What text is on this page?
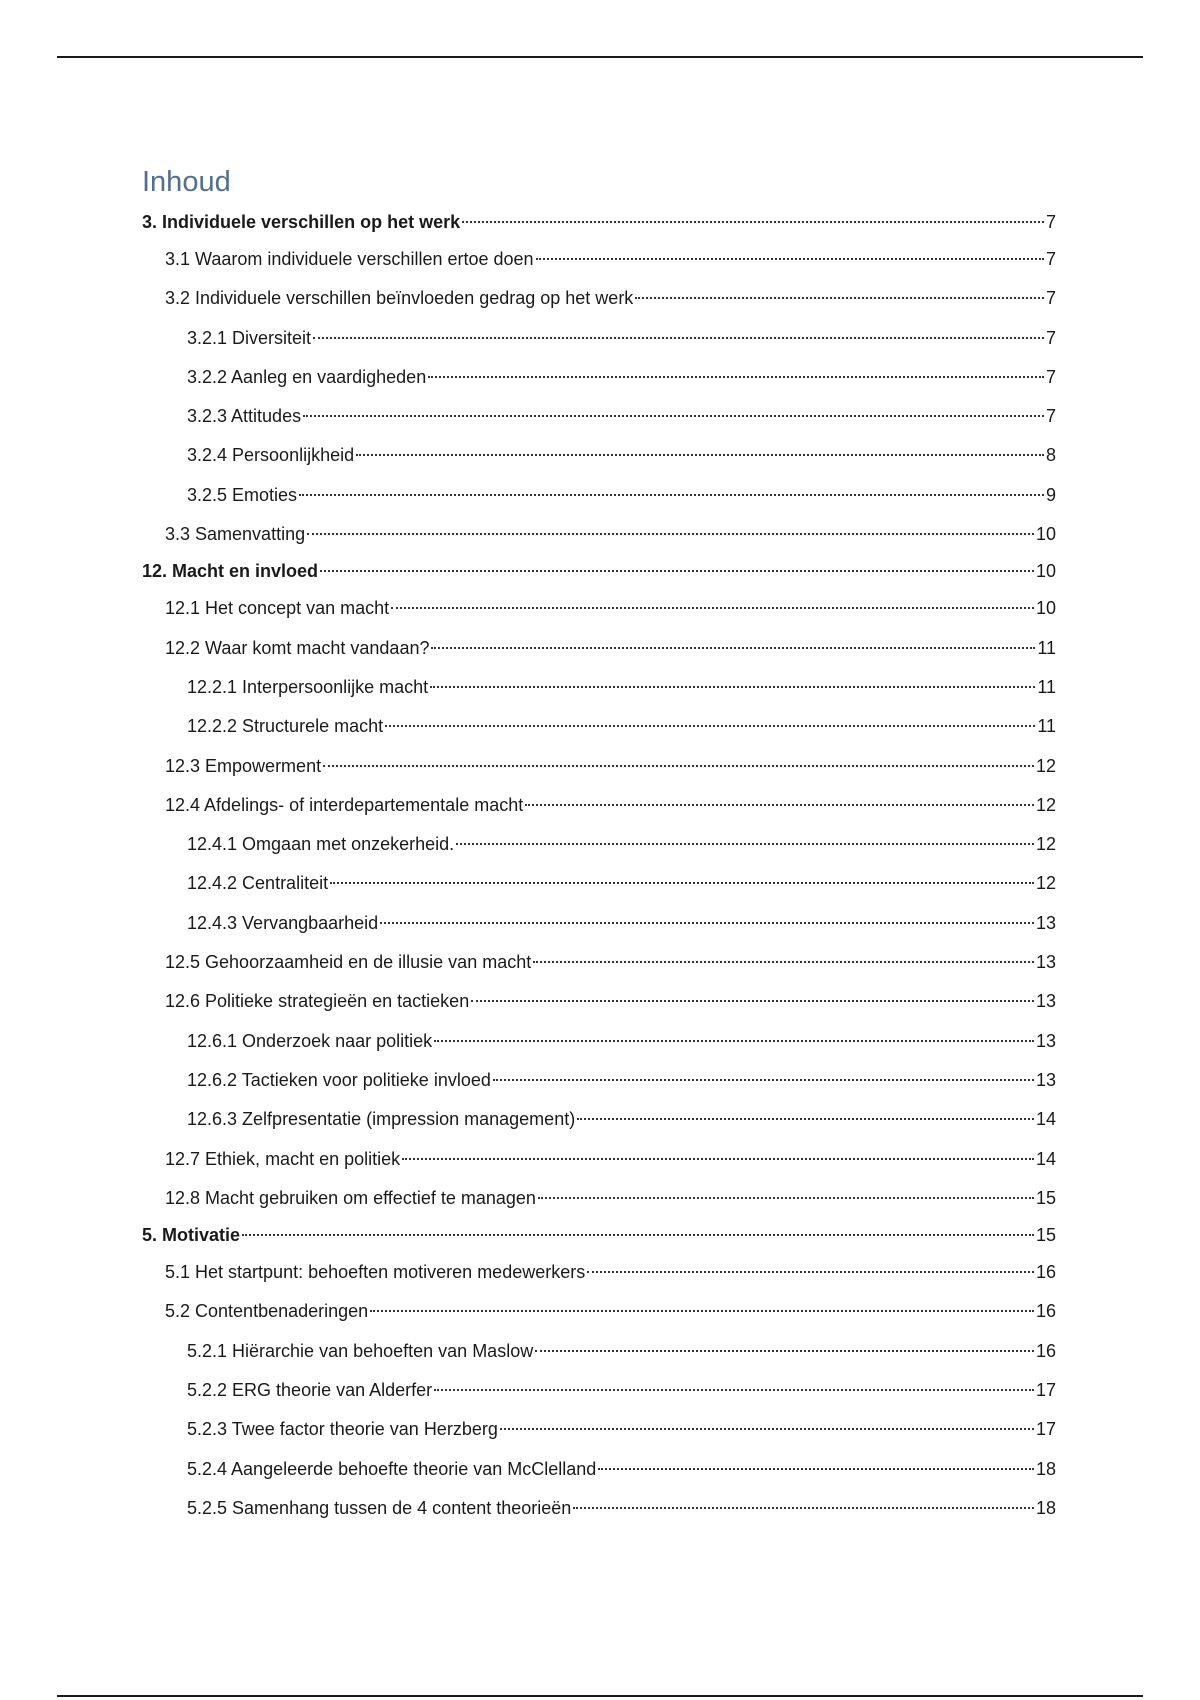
Inhoud
3. Individuele verschillen op het werk	7
3.1 Waarom individuele verschillen ertoe doen	7
3.2 Individuele verschillen beïnvloeden gedrag op het werk	7
3.2.1 Diversiteit	7
3.2.2 Aanleg en vaardigheden	7
3.2.3 Attitudes	7
3.2.4 Persoonlijkheid	8
3.2.5 Emoties	9
3.3 Samenvatting	10
12. Macht en invloed	10
12.1 Het concept van macht	10
12.2 Waar komt macht vandaan?	11
12.2.1 Interpersoonlijke macht	11
12.2.2 Structurele macht	11
12.3 Empowerment	12
12.4 Afdelings- of interdepartementale macht	12
12.4.1 Omgaan met onzekerheid.	12
12.4.2 Centraliteit	12
12.4.3 Vervangbaarheid	13
12.5 Gehoorzaamheid en de illusie van macht	13
12.6 Politieke strategieën en tactieken	13
12.6.1 Onderzoek naar politiek	13
12.6.2 Tactieken voor politieke invloed	13
12.6.3 Zelfpresentatie (impression management)	14
12.7 Ethiek, macht en politiek	14
12.8 Macht gebruiken om effectief te managen	15
5. Motivatie	15
5.1 Het startpunt: behoeften motiveren medewerkers	16
5.2 Contentbenaderingen	16
5.2.1 Hiërarchie van behoeften van Maslow	16
5.2.2 ERG theorie van Alderfer	17
5.2.3 Twee factor theorie van Herzberg	17
5.2.4 Aangeleerde behoefte theorie van McClelland	18
5.2.5 Samenhang tussen de 4 content theorieën	18
